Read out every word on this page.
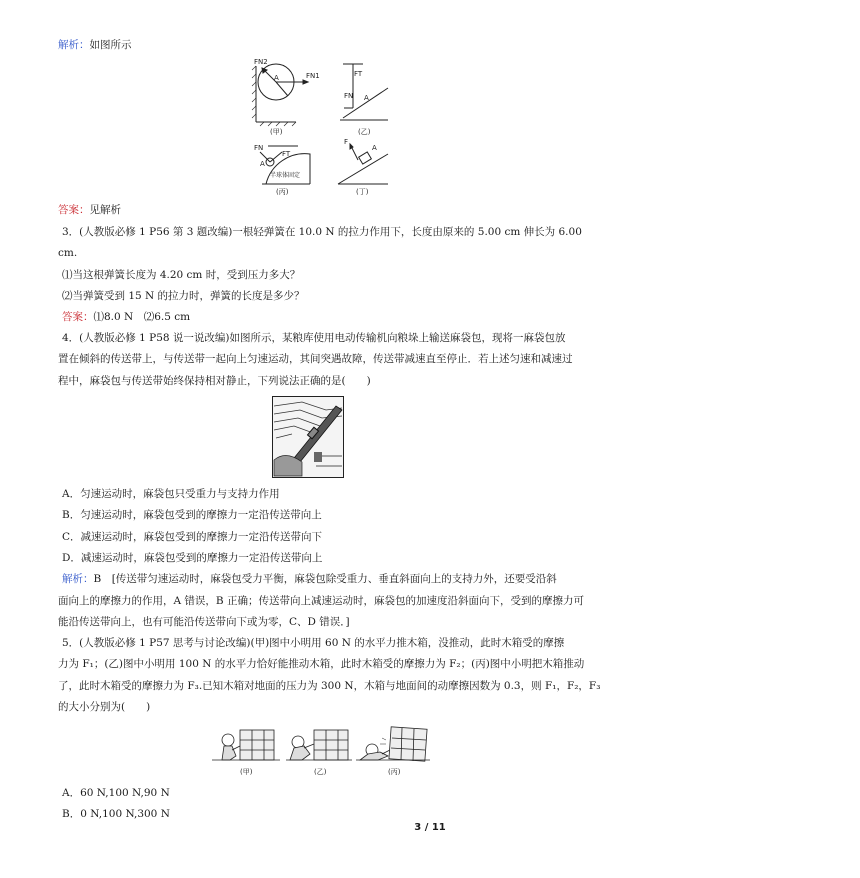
解析：如图所示
FN2
FN1
A	FT
FN A
FN
A
FT
F
A
半球体固定
(甲)	(乙)
(丙)	(丁)
答案：见解析
3．(人教版必修 1 P56 第 3 题改编)一根轻弹簧在 10.0 N 的拉力作用下，长度由原来的 5.00 cm 伸长为 6.00
cm.
⑴当这根弹簧长度为 4.20 cm 时，受到压力多大？
⑵当弹簧受到 15 N 的拉力时，弹簧的长度是多少？
答案：⑴8.0 N　⑵6.5 cm
4．(人教版必修 1 P58 说一说改编)如图所示，某粮库使用电动传输机向粮垛上输送麻袋包，现将一麻袋包放
置在倾斜的传送带上，与传送带一起向上匀速运动，其间突遇故障，传送带减速直至停止．若上述匀速和减速过
程中，麻袋包与传送带始终保持相对静止，下列说法正确的是(　　)
A．匀速运动时，麻袋包只受重力与支持力作用
B．匀速运动时，麻袋包受到的摩擦力一定沿传送带向上
C．减速运动时，麻袋包受到的摩擦力一定沿传送带向下
D．减速运动时，麻袋包受到的摩擦力一定沿传送带向上
解析：B　[传送带匀速运动时，麻袋包受力平衡，麻袋包除受重力、垂直斜面向上的支持力外，还要受沿斜
面向上的摩擦力的作用，A 错误，B 正确；传送带向上减速运动时，麻袋包的加速度沿斜面向下，受到的摩擦力可
能沿传送带向上，也有可能沿传送带向下或为零，C、D 错误．]
5．(人教版必修 1 P57 思考与讨论改编)(甲)图中小明用 60 N 的水平力推木箱，没推动，此时木箱受的摩擦
力为 F₁；(乙)图中小明用 100 N 的水平力恰好能推动木箱，此时木箱受的摩擦力为 F₂；(丙)图中小明把木箱推动
了，此时木箱受的摩擦力为 F₃.已知木箱对地面的压力为 300 N，木箱与地面间的动摩擦因数为 0.3，则 F₁，F₂，F₃
的大小分别为(　　)
(甲)	(乙)	(丙)
A．60 N,100 N,90 N
B．0 N,100 N,300 N
3 / 11
